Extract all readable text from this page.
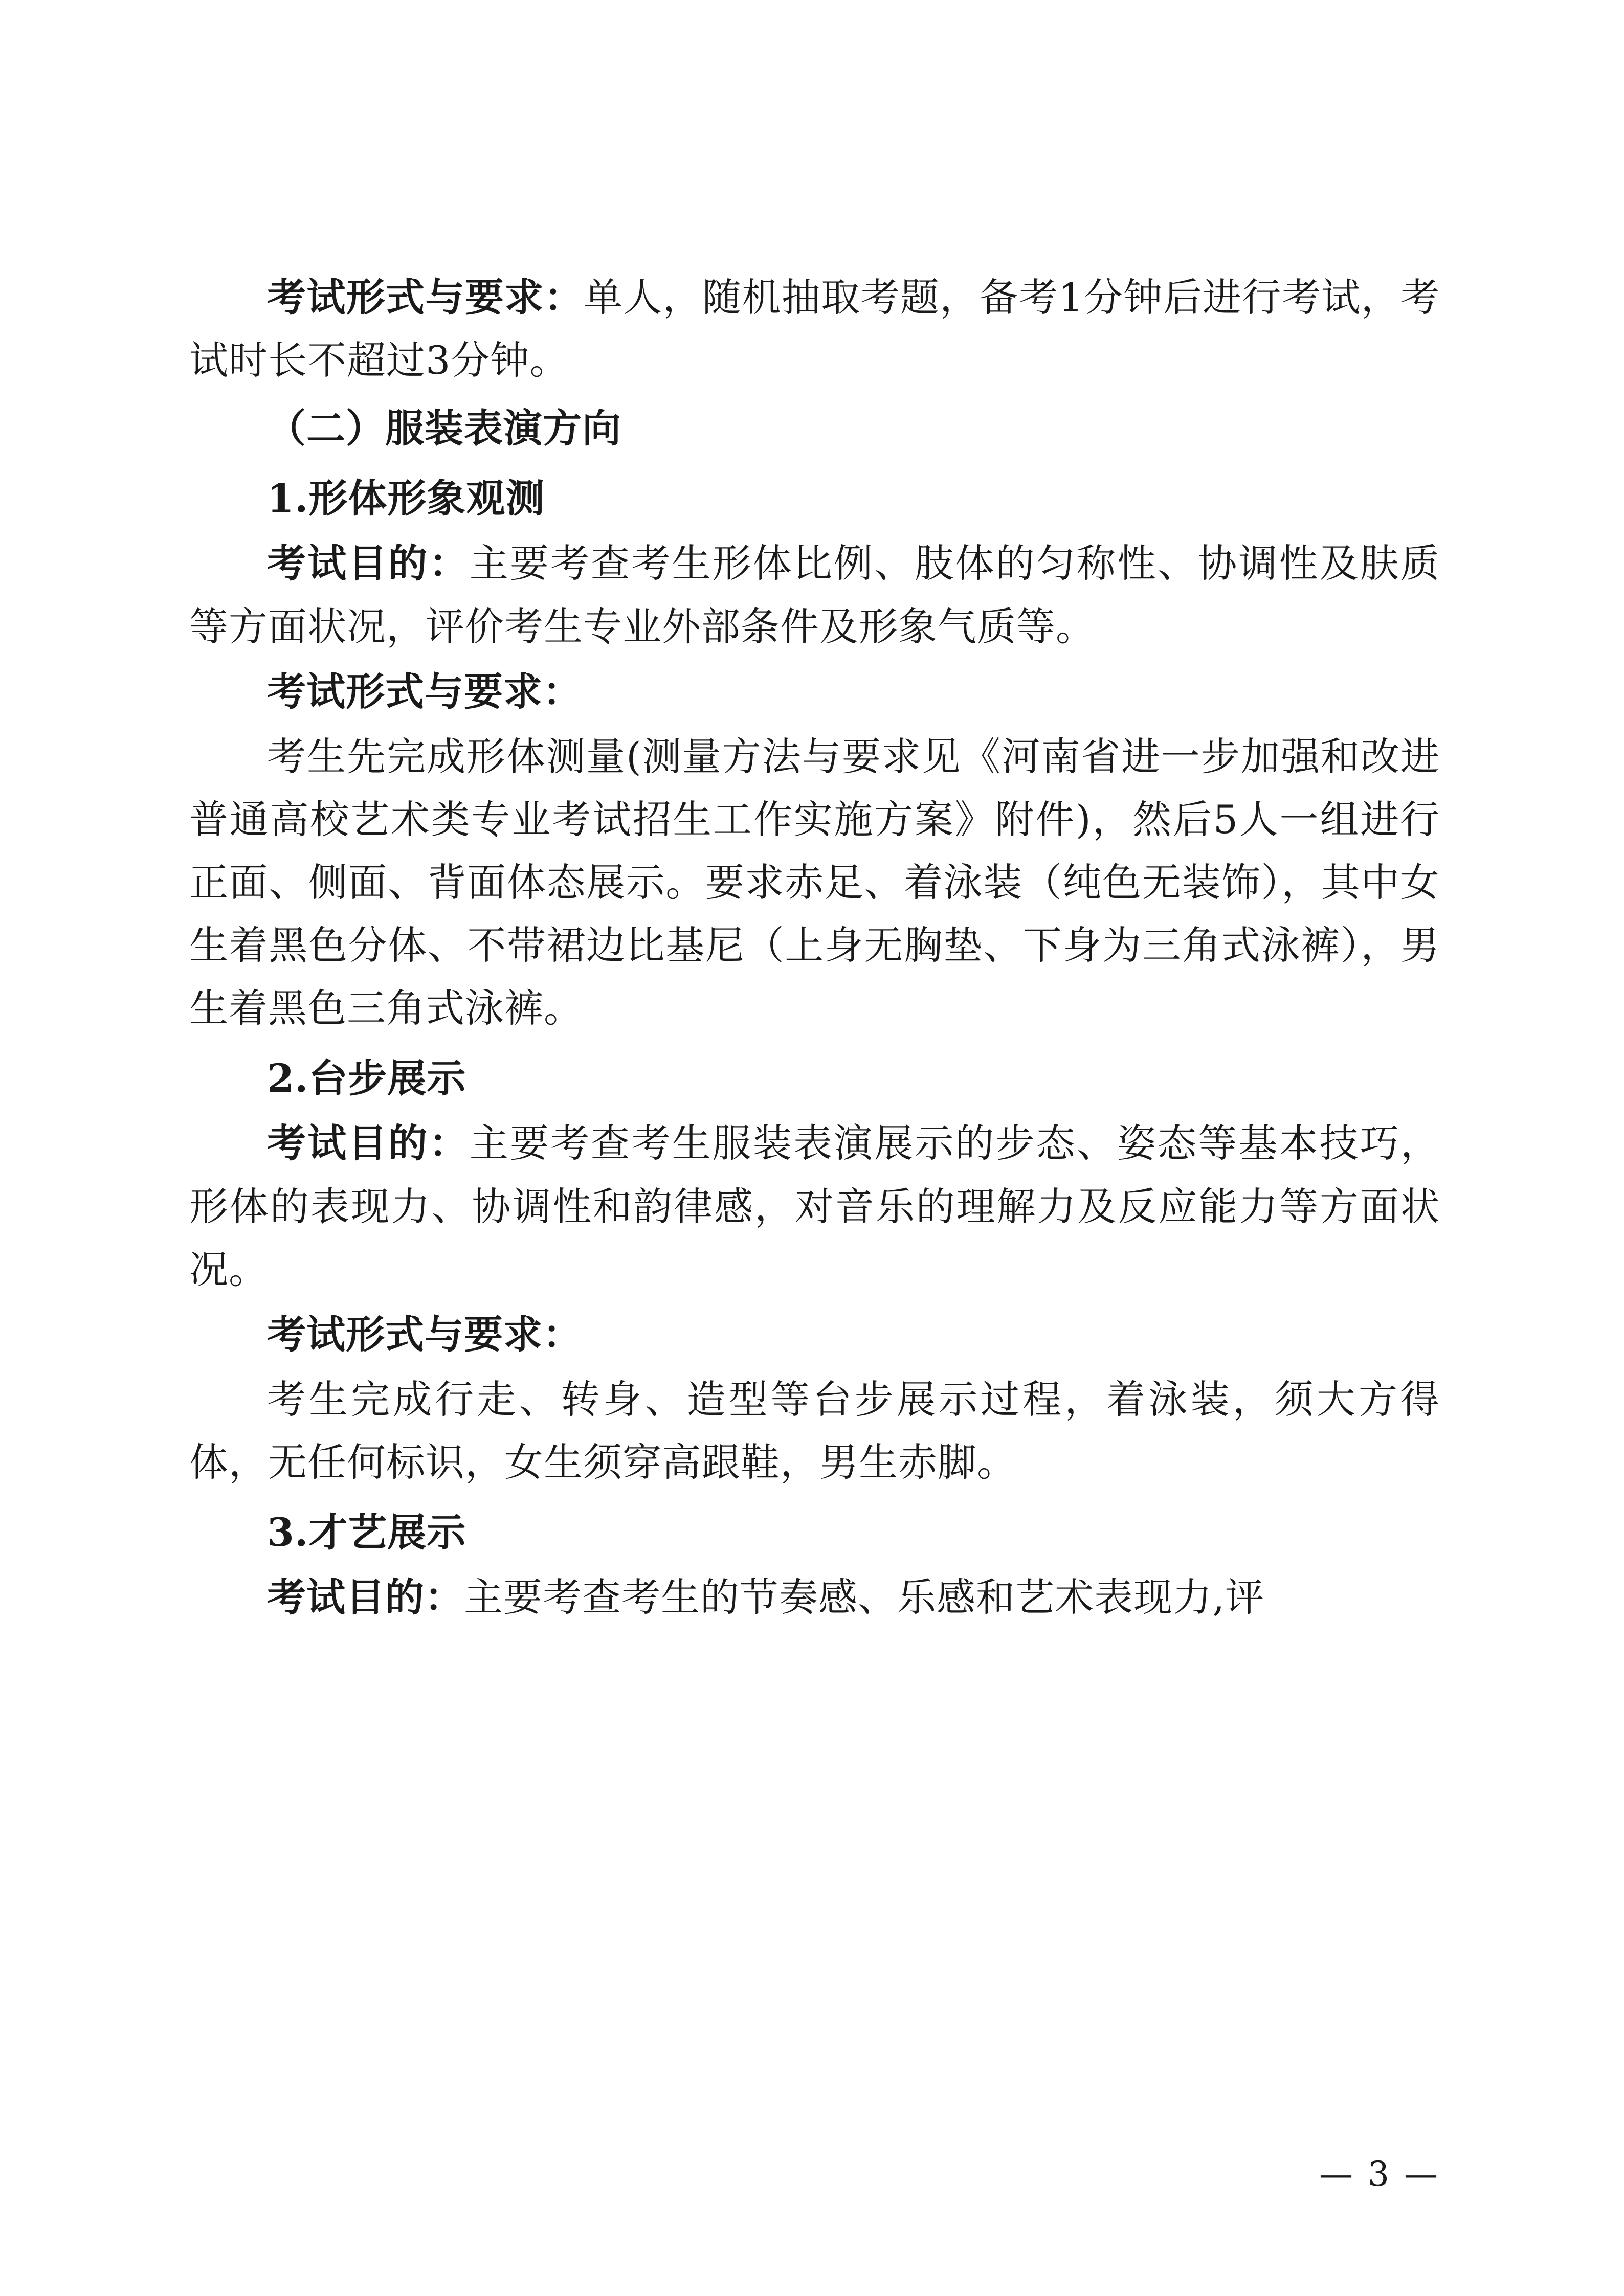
考试形式与要求：单人，随机抽取考题，备考1分钟后进行考试，考试时长不超过3分钟。

（二）服装表演方向

1.形体形象观测

考试目的：主要考查考生形体比例、肢体的匀称性、协调性及肤质等方面状况，评价考生专业外部条件及形象气质等。

考试形式与要求：

考生先完成形体测量(测量方法与要求见《河南省进一步加强和改进普通高校艺术类专业考试招生工作实施方案》附件)，然后5人一组进行正面、侧面、背面体态展示。要求赤足、着泳装（纯色无装饰），其中女生着黑色分体、不带裙边比基尼（上身无胸垫、下身为三角式泳裤），男生着黑色三角式泳裤。

2.台步展示

考试目的：主要考查考生服装表演展示的步态、姿态等基本技巧，形体的表现力、协调性和韵律感，对音乐的理解力及反应能力等方面状况。

考试形式与要求：

考生完成行走、转身、造型等台步展示过程，着泳装，须大方得体，无任何标识，女生须穿高跟鞋，男生赤脚。

3.才艺展示

考试目的：主要考查考生的节奏感、乐感和艺术表现力,评

— 3 —
